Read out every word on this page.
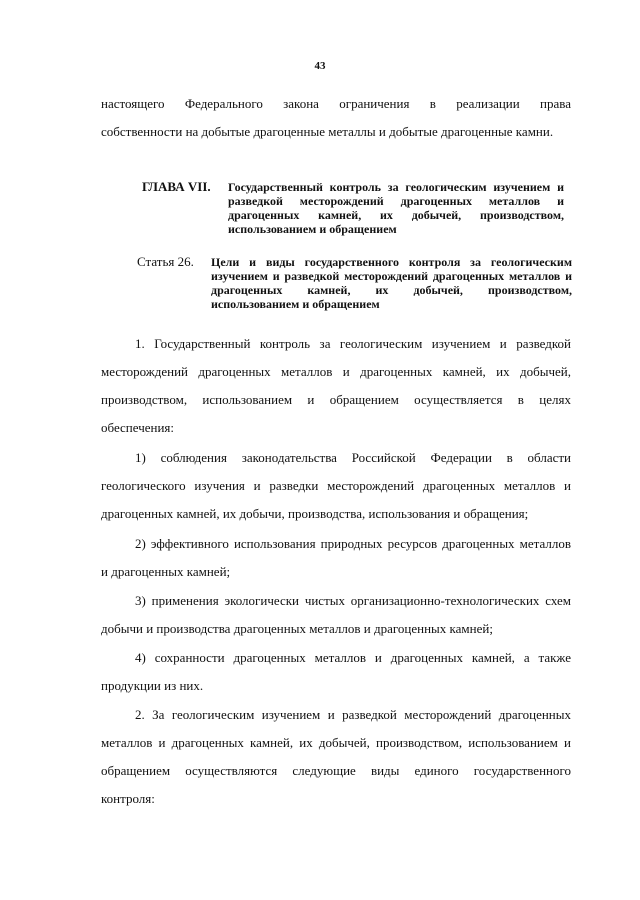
43
настоящего Федерального закона ограничения в реализации права
собственности на добытые драгоценные металлы и добытые драгоценные камни.
ГЛАВА VII. Государственный контроль за геологическим изучением и
разведкой месторождений драгоценных металлов и
драгоценных камней, их добычей, производством,
использованием и обращением
Статья 26. Цели и виды государственного контроля за геологическим
изучением и разведкой месторождений драгоценных металлов и
драгоценных камней, их добычей, производством,
использованием и обращением
1. Государственный контроль за геологическим изучением и разведкой
месторождений драгоценных металлов и драгоценных камней, их добычей,
производством, использованием и обращением осуществляется в целях
обеспечения:
1) соблюдения законодательства Российской Федерации в области
геологического изучения и разведки месторождений драгоценных металлов и
драгоценных камней, их добычи, производства, использования и обращения;
2) эффективного использования природных ресурсов драгоценных металлов
и драгоценных камней;
3) применения экологически чистых организационно-технологических схем
добычи и производства драгоценных металлов и драгоценных камней;
4) сохранности драгоценных металлов и драгоценных камней, а также
продукции из них.
2. За геологическим изучением и разведкой месторождений драгоценных
металлов и драгоценных камней, их добычей, производством, использованием и
обращением осуществляются следующие виды единого государственного
контроля:
